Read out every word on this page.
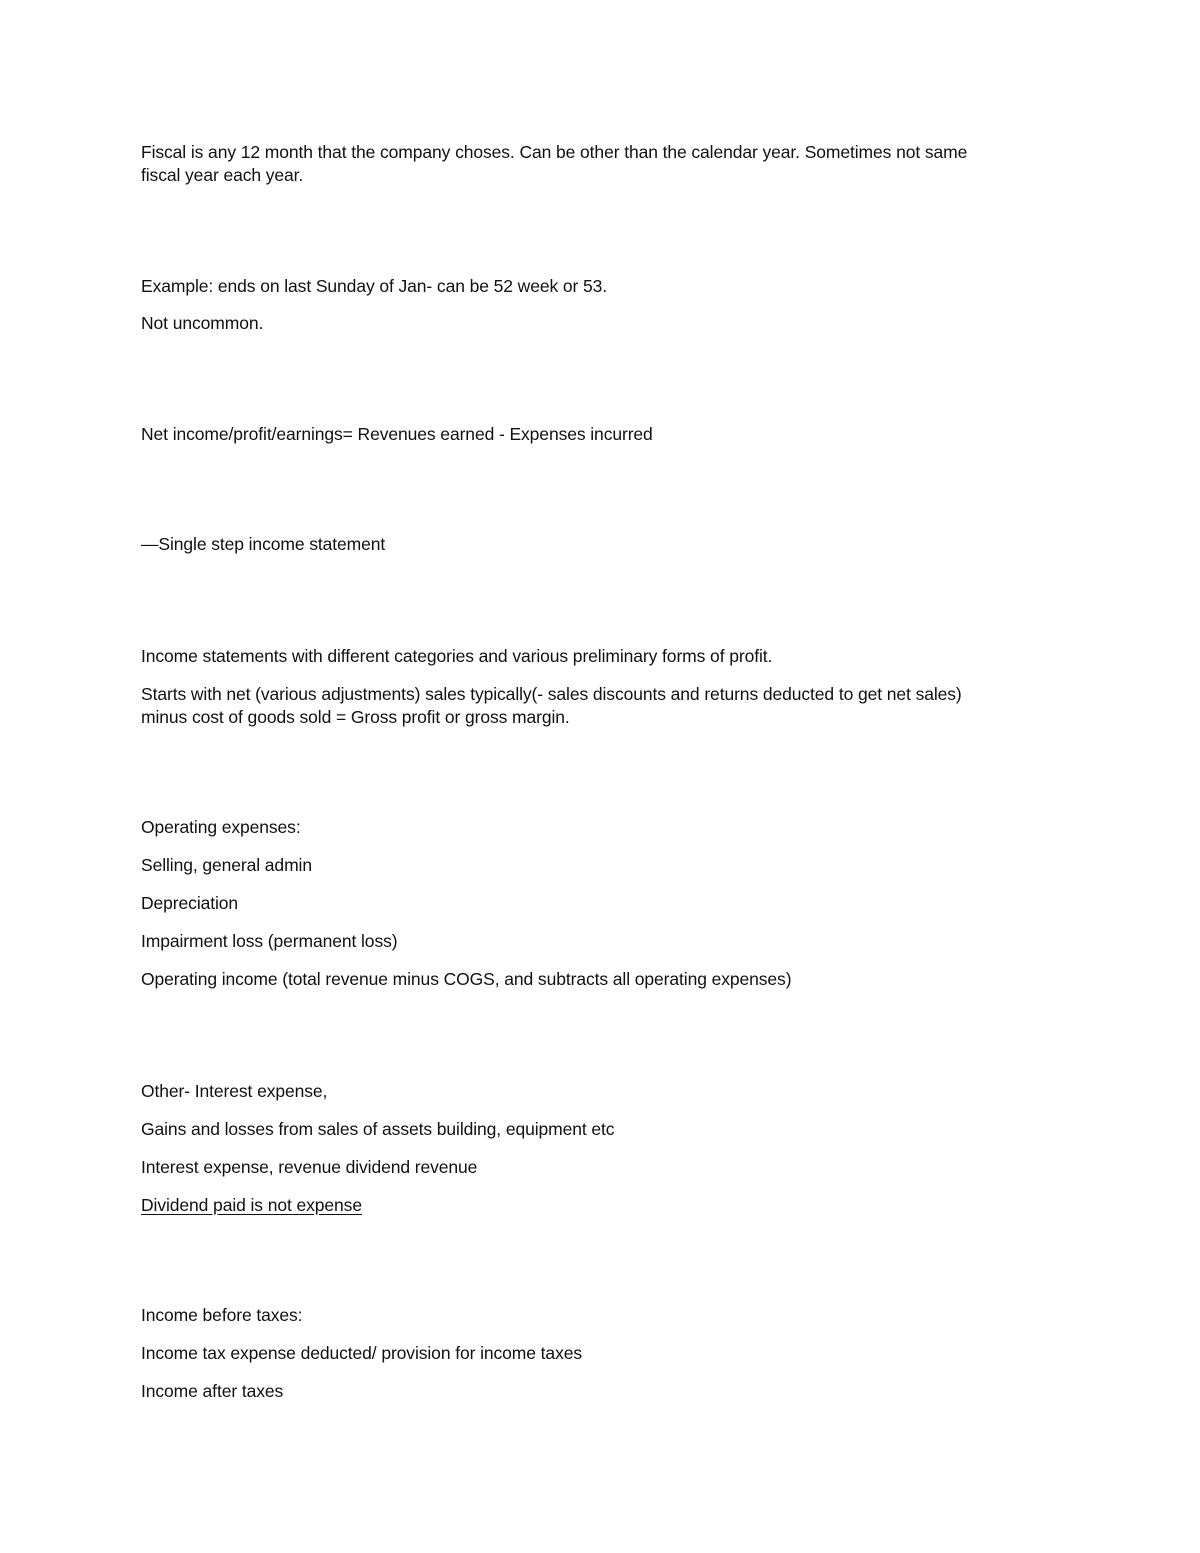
Fiscal is any 12 month that the company choses. Can be other than the calendar year. Sometimes not same
fiscal year each year.
Example: ends on last Sunday of Jan- can be 52 week or 53.
Not uncommon.
Net income/profit/earnings= Revenues earned - Expenses incurred
—Single step income statement
Income statements with different categories and various preliminary forms of profit.
Starts with net (various adjustments) sales typically(- sales discounts and returns deducted to get net sales)
minus cost of goods sold = Gross profit or gross margin.
Operating expenses:
Selling, general admin
Depreciation
Impairment loss (permanent loss)
Operating income (total revenue minus COGS, and subtracts all operating expenses)
Other- Interest expense,
Gains and losses from sales of assets building, equipment etc
Interest expense, revenue dividend revenue
Dividend paid is not expense
Income before taxes:
Income tax expense deducted/ provision for income taxes
Income after taxes
